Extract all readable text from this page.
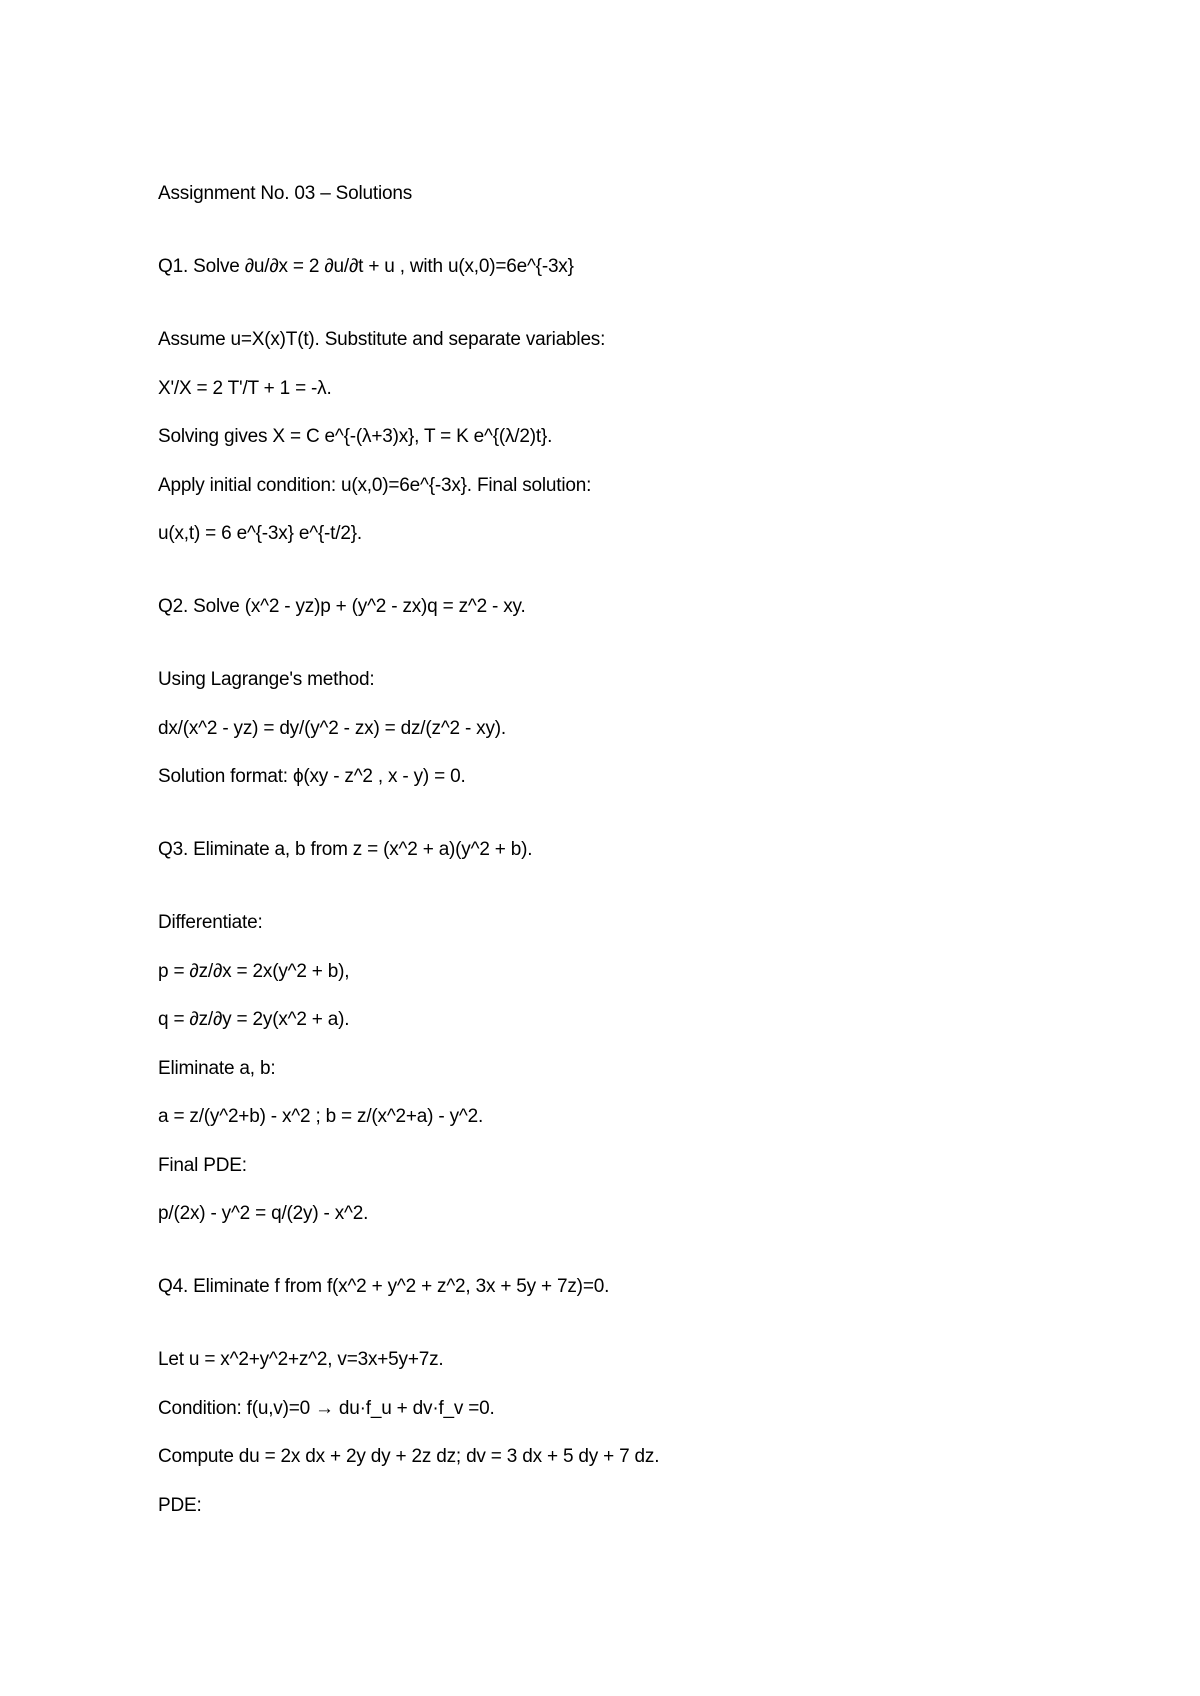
Assignment No. 03 – Solutions
Q1. Solve ∂u/∂x = 2 ∂u/∂t + u , with u(x,0)=6e^{-3x}
Assume u=X(x)T(t). Substitute and separate variables:
X'/X = 2 T'/T + 1 = -λ.
Solving gives X = C e^{-(λ+3)x}, T = K e^{(λ/2)t}.
Apply initial condition: u(x,0)=6e^{-3x}. Final solution:
u(x,t) = 6 e^{-3x} e^{-t/2}.
Q2. Solve (x^2 - yz)p + (y^2 - zx)q = z^2 - xy.
Using Lagrange's method:
dx/(x^2 - yz) = dy/(y^2 - zx) = dz/(z^2 - xy).
Solution format: ϕ(xy - z^2 , x - y) = 0.
Q3. Eliminate a, b from z = (x^2 + a)(y^2 + b).
Differentiate:
p = ∂z/∂x = 2x(y^2 + b),
q = ∂z/∂y = 2y(x^2 + a).
Eliminate a, b:
a = z/(y^2+b) - x^2 ; b = z/(x^2+a) - y^2.
Final PDE:
p/(2x) - y^2 = q/(2y) - x^2.
Q4. Eliminate f from f(x^2 + y^2 + z^2, 3x + 5y + 7z)=0.
Let u = x^2+y^2+z^2, v=3x+5y+7z.
Condition: f(u,v)=0 → du·f_u + dv·f_v =0.
Compute du = 2x dx + 2y dy + 2z dz; dv = 3 dx + 5 dy + 7 dz.
PDE:
